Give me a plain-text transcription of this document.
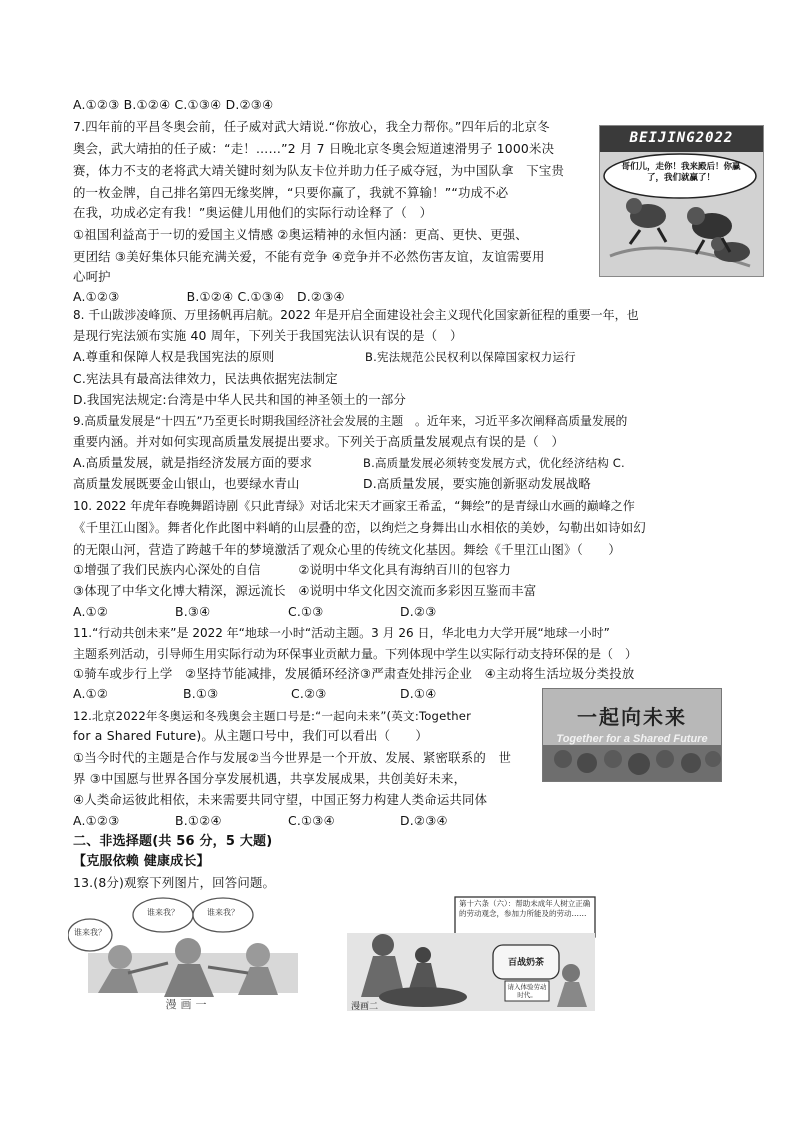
A.①②③ B.①②④ C.①③④ D.②③④
7.四年前的平昌冬奥会前，任子威对武大靖说.“你放心，我全力帮你。”四年后的北京冬
奥会，武大靖拍的任子威：“走！……”2 月 7 日晚北京冬奥会短道速滑男子 1000米决
赛，体力不支的老将武大靖关键时刻为队友卡位并助力任子威夺冠，为中国队拿　下宝贵
的一枚金牌，自己排名第四无缘奖牌，“只要你赢了，我就不算输！”“功成不必
在我，功成必定有我！”奥运健儿用他们的实际行动诠释了（　）
①祖国利益高于一切的爱国主义情感 ②奥运精神的永恒内涵：更高、更快、更强、
更团结 ③美好集体只能充满关爱，不能有竞争 ④竞争并不必然伤害友谊，友谊需要用
心呵护
A.①②③　　　　　 B.①②④ C.①③④　D.②③④
BEIJING2022
哥们儿，走你！我来殿后！你赢了，我们就赢了！
8. 千山跋涉凌峰顶、万里扬帆再启航。2022 年是开启全面建设社会主义现代化国家新征程的重要一年，也
是现行宪法颁布实施 40 周年，下列关于我国宪法认识有误的是（　）
A.尊重和保障人权是我国宪法的原则	B.宪法规范公民权利以保障国家权力运行
C.宪法具有最高法律效力，民法典依据宪法制定
D.我国宪法规定:台湾是中华人民共和国的神圣领土的一部分
9.高质量发展是“十四五”乃至更长时期我国经济社会发展的主题　。近年来，习近平多次阐释高质量发展的
重要内涵。并对如何实现高质量发展提出要求。下列关于高质量发展观点有误的是（　）
A.高质量发展，就是指经济发展方面的要求	B.高质量发展必须转变发展方式，优化经济结构 C.
高质量发展既要金山银山，也要绿水青山	D.高质量发展，要实施创新驱动发展战略
10. 2022 年虎年春晚舞蹈诗剧《只此青绿》对话北宋天才画家王希孟，“舞绘”的是青绿山水画的巅峰之作
《千里江山图》。舞者化作此图中料峭的山层叠的峦，以绚烂之身舞出山水相依的美妙，勾勒出如诗如幻
的无限山河，营造了跨越千年的梦境激活了观众心里的传统文化基因。舞绘《千里江山图》（　　）
①增强了我们民族内心深处的自信　　　②说明中华文化具有海纳百川的包容力
③体现了中华文化博大精深，源远流长　④说明中华文化因交流而多彩因互鉴而丰富
A.①②	B.③④	C.①③	D.②③
11.“行动共创未来”是 2022 年“地球一小时“活动主题。3 月 26 日，华北电力大学开展“地球一小时”
主题系列活动，引导师生用实际行动为环保事业贡献力量。下列体现中学生以实际行动支持环保的是（　）
①骑车或步行上学　②坚持节能减排，发展循环经济③严肃查处排污企业　④主动将生活垃圾分类投放
A.①②	B.①③	C.②③	D.①④
12.北京2022年冬奥运和冬残奥会主题口号是:“一起向未来”(英文:Together
for a Shared Future)。从主题口号中，我们可以看出（　　）
①当今时代的主题是合作与发展②当今世界是一个开放、发展、紧密联系的　世
界 ③中国愿与世界各国分享发展机遇，共享发展成果，共创美好未来，
④人类命运彼此相依，未来需要共同守望，中国正努力构建人类命运共同体
A.①②③	B.①②④	C.①③④	D.②③④
一起向未来
Together for a Shared Future
二、非选择题(共 56 分，5 大题)
【克服依赖 健康成长】
13.(8分)观察下列图片，回答问题。
谁来我？	谁来我？
谁来我？
漫画一
第十六条（六）：帮助未成年人树立正确的劳动观念，参加力所能及的劳动……
百战奶茶
请入体验劳动时代。
漫画二
